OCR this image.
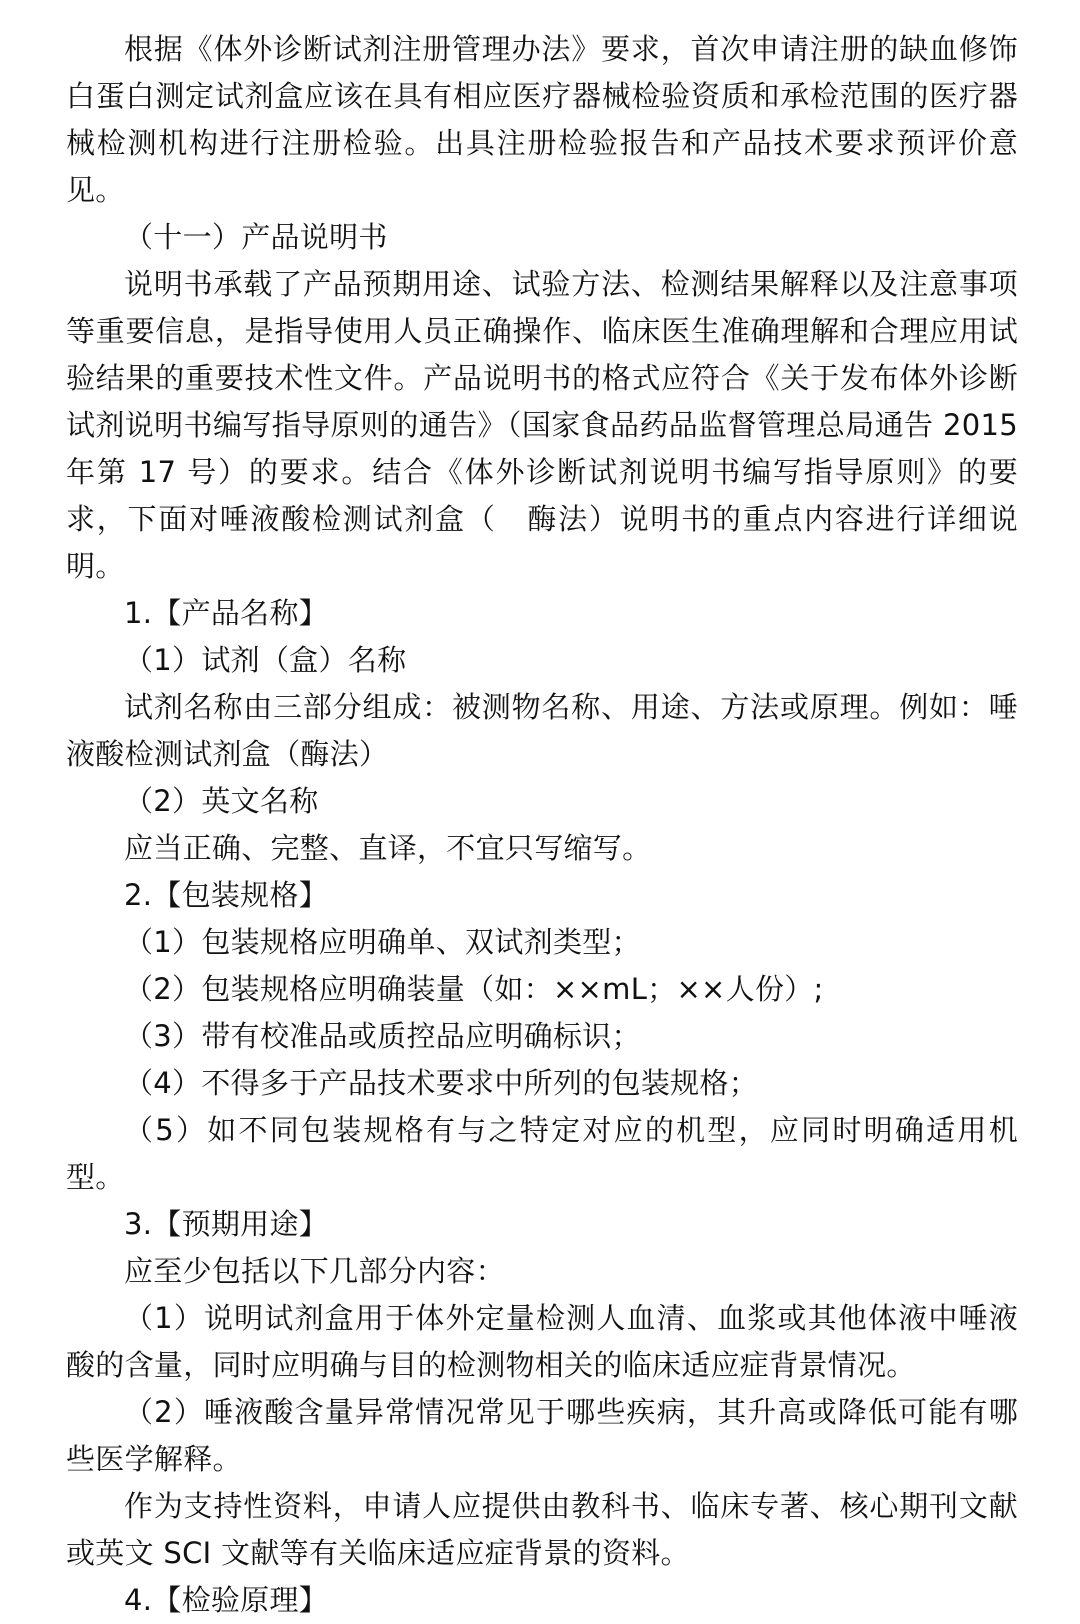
根据《体外诊断试剂注册管理办法》要求，首次申请注册的缺血修饰白蛋白测定试剂盒应该在具有相应医疗器械检验资质和承检范围的医疗器械检测机构进行注册检验。出具注册检验报告和产品技术要求预评价意见。

（十一）产品说明书

说明书承载了产品预期用途、试验方法、检测结果解释以及注意事项等重要信息，是指导使用人员正确操作、临床医生准确理解和合理应用试验结果的重要技术性文件。产品说明书的格式应符合《关于发布体外诊断试剂说明书编写指导原则的通告》（国家食品药品监督管理总局通告 2015 年第 17 号）的要求。结合《体外诊断试剂说明书编写指导原则》的要求，下面对唾液酸检测试剂盒（　酶法）说明书的重点内容进行详细说明。

1.【产品名称】

（1）试剂（盒）名称

试剂名称由三部分组成：被测物名称、用途、方法或原理。例如：唾液酸检测试剂盒（酶法）

（2）英文名称

应当正确、完整、直译，不宜只写缩写。

2.【包装规格】

（1）包装规格应明确单、双试剂类型；

（2）包装规格应明确装量（如：××mL；××人份）;

（3）带有校准品或质控品应明确标识；

（4）不得多于产品技术要求中所列的包装规格；

（5）如不同包装规格有与之特定对应的机型，应同时明确适用机型。

3.【预期用途】

应至少包括以下几部分内容：

（1）说明试剂盒用于体外定量检测人血清、血浆或其他体液中唾液酸的含量，同时应明确与目的检测物相关的临床适应症背景情况。

（2）唾液酸含量异常情况常见于哪些疾病，其升高或降低可能有哪些医学解释。

作为支持性资料，申请人应提供由教科书、临床专著、核心期刊文献或英文 SCI 文献等有关临床适应症背景的资料。

4.【检验原理】
